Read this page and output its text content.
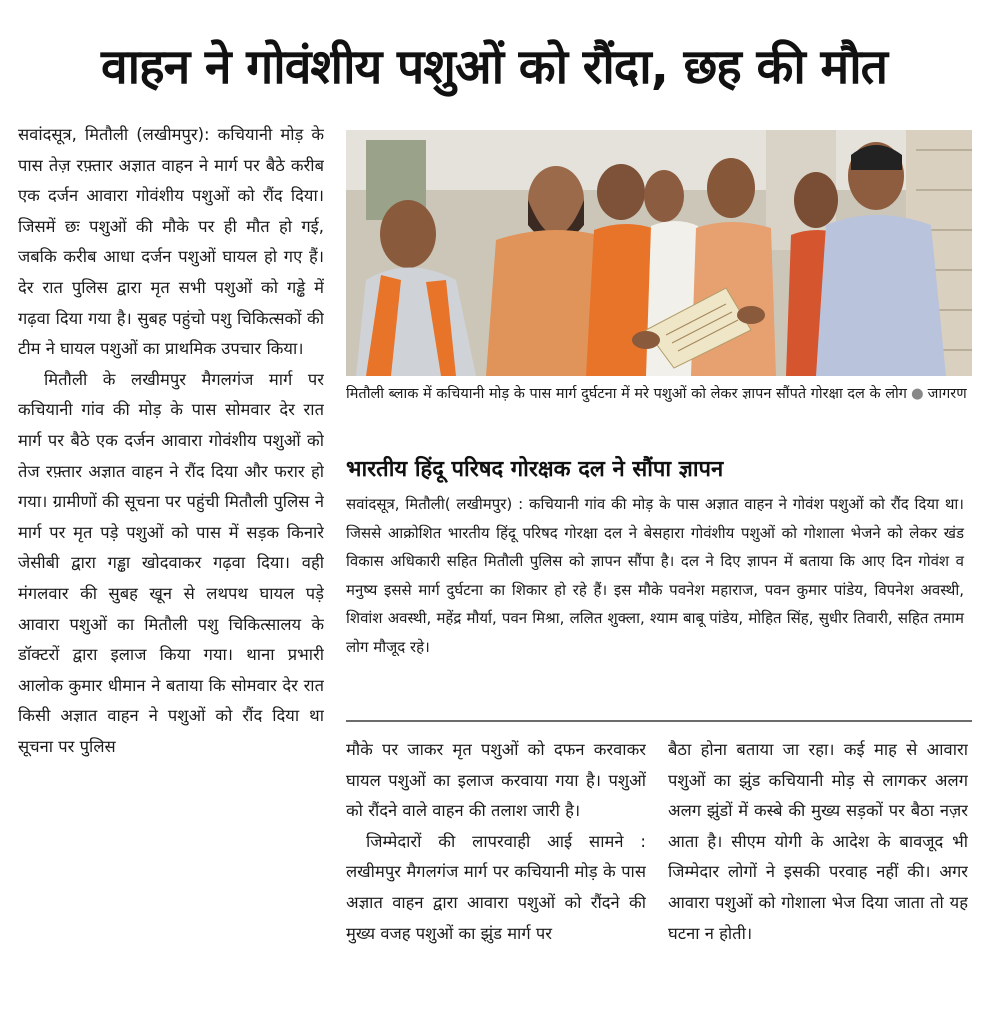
वाहन ने गोवंशीय पशुओं को रौंदा, छह की मौत

सवांदसूत्र, मितौली (लखीमपुर): कचियानी मोड़ के पास तेज़ रफ़्तार अज्ञात वाहन ने मार्ग पर बैठे करीब एक दर्जन आवारा गोवंशीय पशुओं को रौंद दिया। जिसमें छः पशुओं की मौके पर ही मौत हो गई, जबकि करीब आधा दर्जन पशुओं घायल हो गए हैं। देर रात पुलिस द्वारा मृत सभी पशुओं को गड्ढे में गढ़वा दिया गया है। सुबह पहुंचो पशु चिकित्सकों की टीम ने घायल पशुओं का प्राथमिक उपचार किया।

मितौली के लखीमपुर मैगलगंज मार्ग पर कचियानी गांव की मोड़ के पास सोमवार देर रात मार्ग पर बैठे एक दर्जन आवारा गोवंशीय पशुओं को तेज रफ़्तार अज्ञात वाहन ने रौंद दिया और फरार हो गया। ग्रामीणों की सूचना पर पहुंची मितौली पुलिस ने मार्ग पर मृत पड़े पशुओं को पास में सड़क किनारे जेसीबी द्वारा गड्ढा खोदवाकर गढ़वा दिया। वही मंगलवार की सुबह खून से लथपथ घायल पड़े आवारा पशुओं का मितौली पशु चिकित्सालय के डॉक्टरों द्वारा इलाज किया गया। थाना प्रभारी आलोक कुमार धीमान ने बताया कि सोमवार देर रात किसी अज्ञात वाहन ने पशुओं को रौंद दिया था सूचना पर पुलिस

मितौली ब्लाक में कचियानी मोड़ के पास मार्ग दुर्घटना में मरे पशुओं को लेकर ज्ञापन सौंपते गोरक्षा दल के लोग ● जागरण
भारतीय हिंदू परिषद गोरक्षक दल ने सौंपा ज्ञापन
सवांदसूत्र, मितौली( लखीमपुर) : कचियानी गांव की मोड़ के पास अज्ञात वाहन ने गोवंश पशुओं को रौंद दिया था। जिससे आक्रोशित भारतीय हिंदू परिषद गोरक्षा दल ने बेसहारा गोवंशीय पशुओं को गोशाला भेजने को लेकर खंड विकास अधिकारी सहित मितौली पुलिस को ज्ञापन सौंपा है। दल ने दिए ज्ञापन में बताया कि आए दिन गोवंश व मनुष्य इससे मार्ग दुर्घटना का शिकार हो रहे हैं। इस मौके पवनेश महाराज, पवन कुमार पांडेय, विपनेश अवस्थी, शिवांश अवस्थी, महेंद्र मौर्या, पवन मिश्रा, ललित शुक्ला, श्याम बाबू पांडेय, मोहित सिंह, सुधीर तिवारी, सहित तमाम लोग मौजूद रहे।

मौके पर जाकर मृत पशुओं को दफन करवाकर घायल पशुओं का इलाज करवाया गया है। पशुओं को रौंदने वाले वाहन की तलाश जारी है।

जिम्मेदारों की लापरवाही आई सामने : लखीमपुर मैगलगंज मार्ग पर कचियानी मोड़ के पास अज्ञात वाहन द्वारा आवारा पशुओं को रौंदने की मुख्य वजह पशुओं का झुंड मार्ग पर

बैठा होना बताया जा रहा। कई माह से आवारा पशुओं का झुंड कचियानी मोड़ से लागकर अलग अलग झुंडों में कस्बे की मुख्य सड़कों पर बैठा नज़र आता है। सीएम योगी के आदेश के बावजूद भी जिम्मेदार लोगों ने इसकी परवाह नहीं की। अगर आवारा पशुओं को गोशाला भेज दिया जाता तो यह घटना न होती।
